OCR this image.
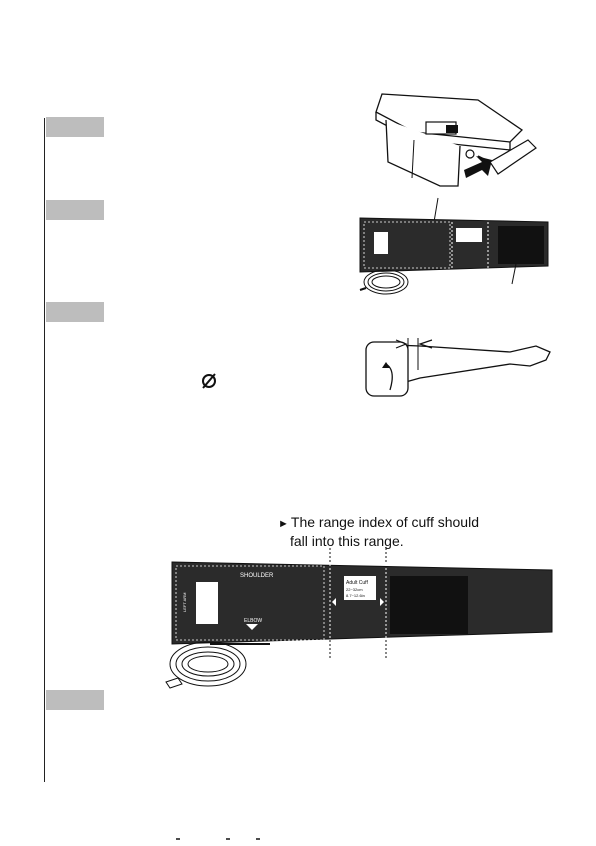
► The range index of cuff should
fall into this range.
SHOULDER
ELBOW
LEFT ARM
Adult Cuff
22~32cm
8.7~12.6in
